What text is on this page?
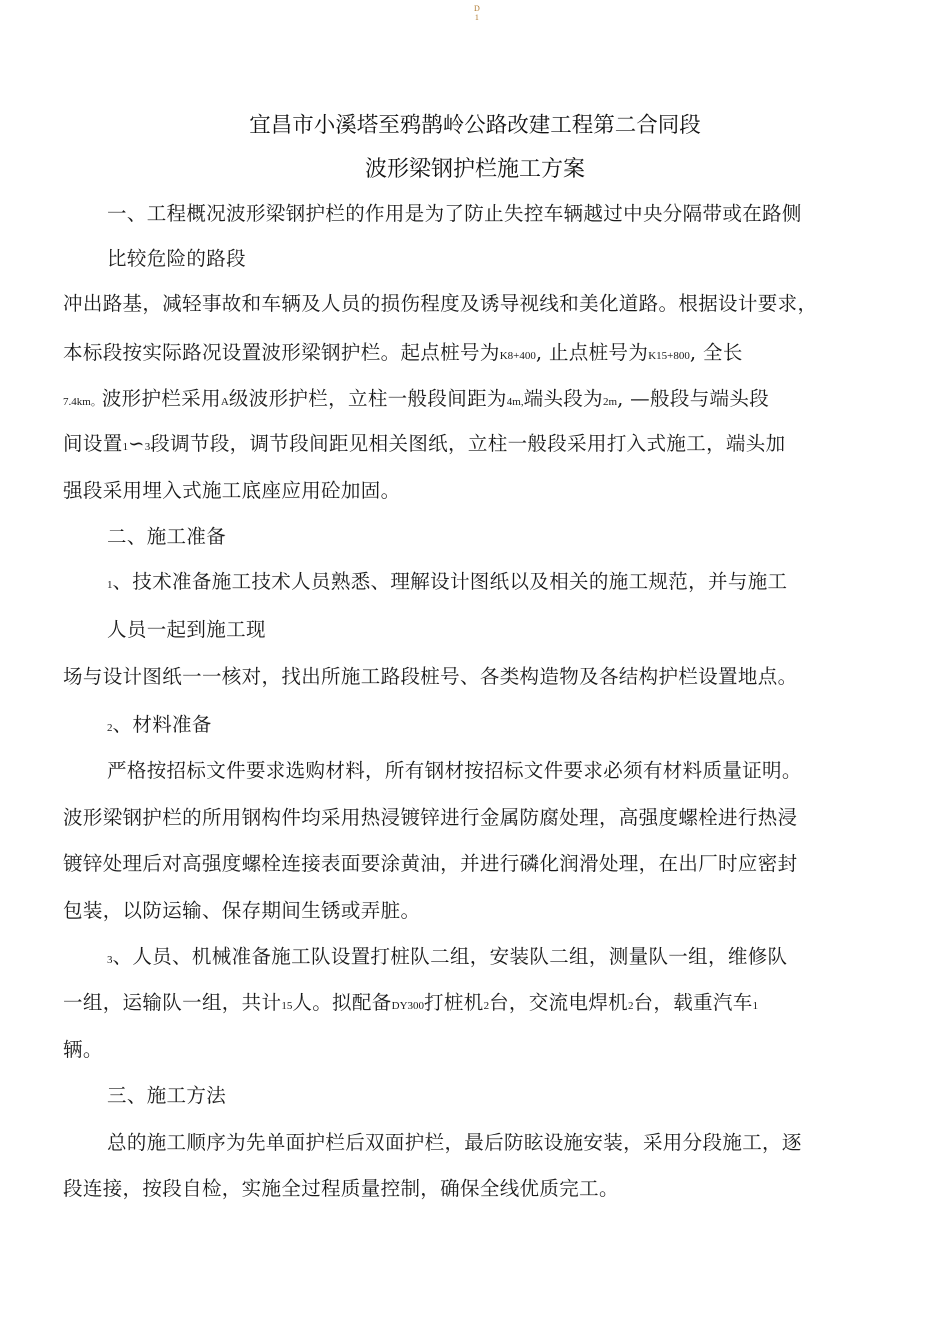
D
1
宜昌市小溪塔至鸦鹊岭公路改建工程第二合同段
波形梁钢护栏施工方案
一、工程概况波形梁钢护栏的作用是为了防止失控车辆越过中央分隔带或在路侧
比较危险的路段
冲出路基，减轻事故和车辆及人员的损伤程度及诱导视线和美化道路。根据设计要求，
本标段按实际路况设置波形梁钢护栏。起点桩号为K8+400, 止点桩号为K15+800, 全长
7.4km。波形护栏采用A级波形护栏，立柱一般段间距为4m,端头段为2m, —般段与端头段
间设置1∽3段调节段，调节段间距见相关图纸，立柱一般段采用打入式施工，端头加
强段采用埋入式施工底座应用砼加固。
二、施工准备
1、技术准备施工技术人员熟悉、理解设计图纸以及相关的施工规范，并与施工
人员一起到施工现
场与设计图纸一一核对，找出所施工路段桩号、各类构造物及各结构护栏设置地点。
2、材料准备
严格按招标文件要求选购材料，所有钢材按招标文件要求必须有材料质量证明。
波形梁钢护栏的所用钢构件均采用热浸镀锌进行金属防腐处理，高强度螺栓进行热浸
镀锌处理后对高强度螺栓连接表面要涂黄油，并进行磷化润滑处理，在出厂时应密封
包装，以防运输、保存期间生锈或弄脏。
3、人员、机械准备施工队设置打桩队二组，安装队二组，测量队一组，维修队
一组，运输队一组，共计15人。拟配备DY300打桩机2台，交流电焊机2台，载重汽车1
辆。
三、施工方法
总的施工顺序为先单面护栏后双面护栏，最后防眩设施安装，采用分段施工，逐
段连接，按段自检，实施全过程质量控制，确保全线优质完工。
